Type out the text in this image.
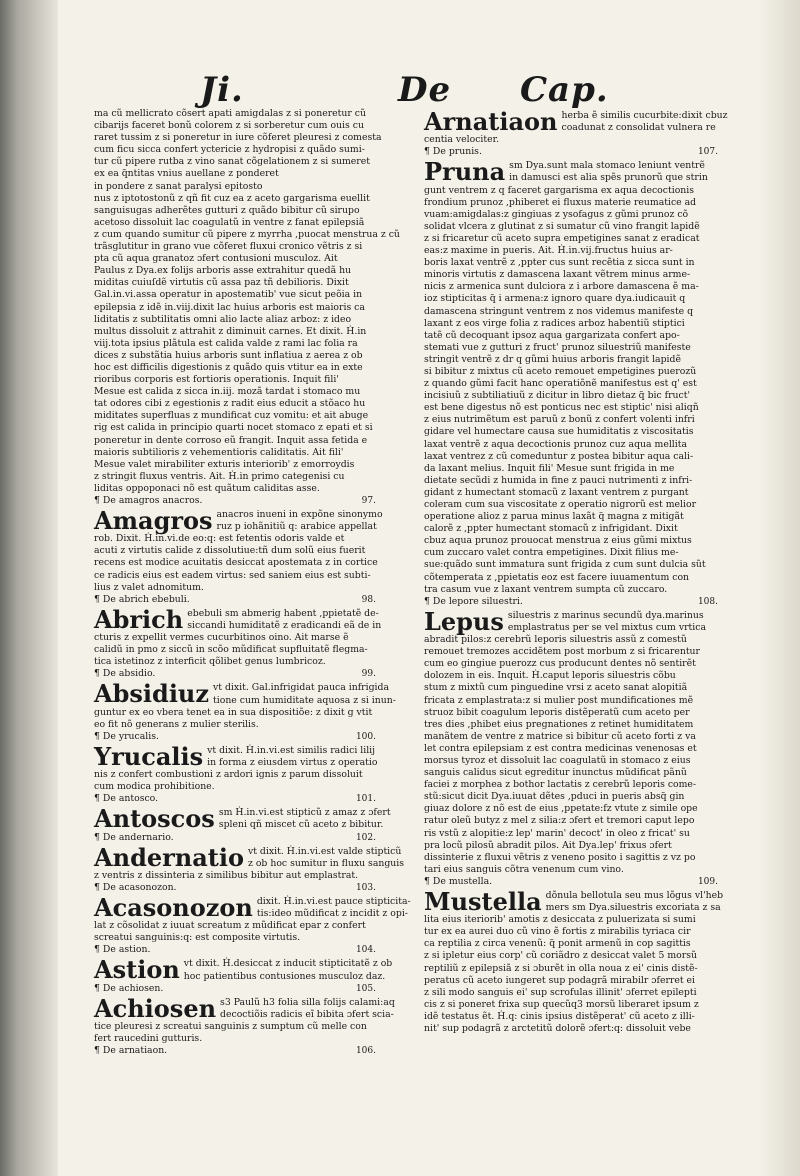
Ji.	De Cap.
ma cũ mellicrato cõsert apati amigdalas z si poneretur cũ
cibarijs faceret bonũ colorem z si sorberetur cum ouis cu
raret tussim z si poneretur in iure cõferet pleuresi z comesta
cum ficu sicca confert yctericie z hydropisi z quãdo sumi-
tur cũ pipere rutba z vino sanat cõgelationem z si sumeret
ex ea q̃ntitas vnius auellane z ponderet
in pondere z sanat paralysi epitosto
nus z iptotostonũ z qñ fit cuz ea z aceto gargarisma euellit
sanguisugas adherẽtes gutturi z quãdo bibitur cũ sirupo
acetoso dissoluit lac coagulatũ in ventre z fanat epilepsiã
z cum quando sumitur cũ pipere z myrrha ,puocat menstrua z cũ
trãsglutitur in grano vue cõferet fluxui cronico vẽtris z si
pta cũ aqua granatoz ɔfert contusioni musculoz. Ait
Paulus z Dya.ex folijs arboris asse extrahitur quedã hu
miditas cuiuſdẽ virtutis cũ assa paz tñ debilioris. Dixit
Gal.in.vi.assa operatur in apostematib' vue sicut peõia in
epilepsia z idẽ in.viij.dixit lac huius arboris est maioris ca
liditatis z subtilitatis omni alio lacte aliaz arboz: z ideo
multus dissoluit z attrahit z diminuit carnes. Et dixit. Ḣ.in
viij.tota ipsius plãtula est calida valde z rami lac folia ra
dices z substãtia huius arboris sunt inflatiua z aerea z ob
hoc est difficilis digestionis z quãdo quis vtitur ea in exte
rioribus corporis est fortioris operationis. Inquit fili'
Mesue est calida z sicca in.iij. mozã tardat i stomaco mu
tat odores cibi z egestionis z radit eius educit a stõaco hu
miditates superfluas z mundificat cuz vomitu: et ait abuge
rig est calida in principio quarti nocet stomaco z epati et si
poneretur in dente corroso eũ frangit. Inquit assa fetida e
maioris subtilioris z vehementioris caliditatis. Ait fili'
Mesue valet mirabiliter exturis interiorib' z emorroydis
z stringit fluxus ventris. Ait. Ḣ.in primo categenisi cu
liditas oppoponaci nõ est quãtum caliditas asse.
¶ De amagros anacros.	97.
Amagros anacros inueni in expõne sinonymo
ruz p iohãnitiũ q: arabice appellat
rob. Dixit. Ḣ.in.vi.de eo:q: est fetentis odoris valde et
acuti z virtutis calide z dissolutiue:tñ dum solũ eius fuerit
recens est modice acuitatis desiccat apostemata z in cortice
ce radicis eius est eadem virtus: sed saniem eius est subti-
lius z valet adnomitum.
¶ De abrich ebebuli.	98.
Abrich ebebuli sm abmerig habent ,ppietatẽ de-
siccandi humiditatẽ z eradicandi eã de in
cturis z expellit vermes cucurbitinos oino. Ait marse ẽ
calidũ in pmo z siccũ in scõo mũdificat supfluitatẽ flegma-
tica istetinoz z interficit qõlibet genus lumbricoz.
¶ De absidio.	99.
Absidiuz vt dixit. Gal.infrigidat pauca infrigida
tione cum humiditate aquosa z si inun-
guntur ex eo vbera tenet ea in sua dispositiõe: z dixit g vtit
eo fit nõ generans z mulier sterilis.
¶ De yrucalis.	100.
Yrucalis vt dixit. Ḣ.in.vi.est similis radici lilij
in forma z eiusdem virtus z operatio
nis z confert combustioni z ardori ignis z parum dissoluit
cum modica prohibitione.
¶ De antosco.	101.
Antoscos sm Ḣ.in.vi.est stipticũ z amaz z ɔfert
spleni qñ miscet cũ aceto z bibitur.
¶ De andernario.	102.
Andernatio vt dixit. Ḣ.in.vi.est valde stipticũ
z ob hoc sumitur in fluxu sanguis
z ventris z dissinteria z similibus bibitur aut emplastrat.
¶ De acasonozon.	103.
Acasonozon dixit. Ḣ.in.vi.est pauce stipticita-
tis:ideo mũdificat z incidit z opi-
lat z cõsolidat z iuuat screatum z mũdificat epar z confert
screatui sanguinis:q: est composite virtutis.
¶ De astion.	104.
Astion vt dixit. Ḣ.desiccat z inducit stipticitatẽ z ob
hoc patientibus contusiones musculoz daz.
¶ De achiosen.	105.
Achiosen s3 Paulũ h3 folia silla folijs calami:aq
decoctiõis radicis eĩ bibita ɔfert scia-
tice pleuresi z screatui sanguinis z sumptum cũ melle con
fert raucedini gutturis.
¶ De arnatiaon.	106.
Arnatiaon herba ẽ similis cucurbite:dixit cbuz
coadunat z consolidat vulnera re
centia velociter.
¶ De prunis.	107.
Pruna sm Dya.sunt mala stomaco leniunt ventrẽ
in damusci est alia spẽs prunorũ que strin
gunt ventrem z q faceret gargarisma ex aqua decoctionis
frondium prunoz ,phiberet ei fluxus materie reumatice ad
vuam:amigdalas:z gingiuas z ysofagus z gũmi prunoz cõ
solidat vlcera z glutinat z si sumatur cũ vino frangit lapidẽ
z si fricaretur cũ aceto supra empetigines sanat z eradicat
eas:z maxime in pueris. Ait. Ḣ.in.vij.fructus huius ar-
boris laxat ventrẽ z ,ppter cus sunt recẽtia z sicca sunt in
minoris virtutis z damascena laxant vẽtrem minus arme-
nicis z armenica sunt dulciora z i arbore damascena ẽ ma-
ioz stipticitas q̃ i armena:z ignoro quare dya.iudicauit q
damascena stringunt ventrem z nos videmus manifeste q
laxant z eos virge folia z radices arboz habentiũ stiptici
tatẽ cũ decoquant ipsoz aqua gargarizata confert apo-
stemati vue z gutturi z fruct' prunoz siluestriũ manifeste
stringit ventrẽ z dr q gũmi huius arboris frangit lapidẽ
si bibitur z mixtus cũ aceto remouet empetigines puerozũ
z quando gũmi facit hanc operatiõnẽ manifestus est q' est
incisiuũ z subtiliatiuũ z dicitur in libro dietaz q̃ bic fruct'
est bene digestus nõ est ponticus nec est stiptic' nisi aliqñ
z eius nutrimẽtum est paruũ z bonũ z confert volenti infri
gidare vel humectare causa sue humiditatis z viscositatis
laxat ventrẽ z aqua decoctionis prunoz cuz aqua mellita
laxat ventrez z cũ comeduntur z postea bibitur aqua cali-
da laxant melius. Inquit fili' Mesue sunt frigida in me
dietate secũdi z humida in fine z pauci nutrimenti z infri-
gidant z humectant stomacũ z laxant ventrem z purgant
coleram cum sua viscositate z operatio nigrorũ est melior
operatione alioz z parua minus laxãt q̃ magna z mitigãt
calorẽ z ,ppter humectant stomacũ z infrigidant. Dixit
cbuz aqua prunoz prouocat menstrua z eius gũmi mixtus
cum zuccaro valet contra empetigines. Dixit filius me-
sue:quãdo sunt immatura sunt frigida z cum sunt dulcia sũt
cõtemperata z ,ppietatis eoz est facere iuuamentum con
tra casum vue z laxant ventrem sumpta cũ zuccaro.
¶ De lepore siluestri.	108.
Lepus siluestris z marinus secundũ dya.marinus
emplastratus per se vel mixtus cum vrtica
abradit pilos:z cerebrũ leporis siluestris assũ z comestũ
remouet tremozes accidẽtem post morbum z si fricarentur
cum eo gingiue puerozz cus producunt dentes nõ sentirẽt
dolozem in eis. Inquit. Ḣ.caput leporis siluestris cõbu
stum z mixtũ cum pinguedine vrsi z aceto sanat alopitiã
fricata z emplastrata:z si mulier post mundificationes mẽ
struoz bibit coagulum leporis distẽperatũ cum aceto per
tres dies ,phibet eius pregnationes z retinet humiditatem
manãtem de ventre z matrice si bibitur cũ aceto forti z va
let contra epilepsiam z est contra medicinas venenosas et
morsus tyroz et dissoluit lac coagulatũ in stomaco z eius
sanguis calidus sicut egreditur inunctus mũdificat pãnũ
faciei z morphea z bothor lactatis z cerebrũ leporis come-
stũ:sicut dicit Dya.iuuat dẽtes ,pduci in pueris absq̃ gin
giuaz dolore z nõ est de eius ,ppetate:fz vtute z simile ope
ratur oleũ butyz z mel z silia:z ɔfert et tremori caput lepo
ris vstũ z alopitie:z lep' marin' decoct' in oleo z fricat' su
pra locũ pilosũ abradit pilos. Ait Dya.lep' frixus ɔfert
dissinterie z fluxui vẽtris z veneno posito i sagittis z vz po
tari eius sanguis cõtra venenum cum vino.
¶ De mustella.	109.
Mustella dõnula bellotula seu mus lõgus vl'heb
mers sm Dya.siluestris excoriata z sa
lita eius iteriorib' amotis z desiccata z puluerizata si sumi
tur ex ea aurei duo cũ vino ẽ fortis z mirabilis tyriaca cir
ca reptilia z circa venenũ: q̃ ponit armenũ in cop sagittis
z si ipletur eius corp' cũ coriãdro z desiccat valet 5 morsũ
reptiliũ z epilepsiã z si ɔburẽt in olla noua z ei' cinis distẽ-
peratus cũ aceto iungeret sup podagrã mirabilr ɔferret ei
z sili modo sanguis ei' sup scrofulas illinit' ɔferret epilepti
cis z si poneret frixa sup quecũq3 morsũ liberaret ipsum z
idẽ testatus ẽt. Ḣ.q: cinis ipsius distẽperat' cũ aceto z illi-
nit' sup podagrã z arctetitũ dolorẽ ɔfert:q: dissoluit vebe
